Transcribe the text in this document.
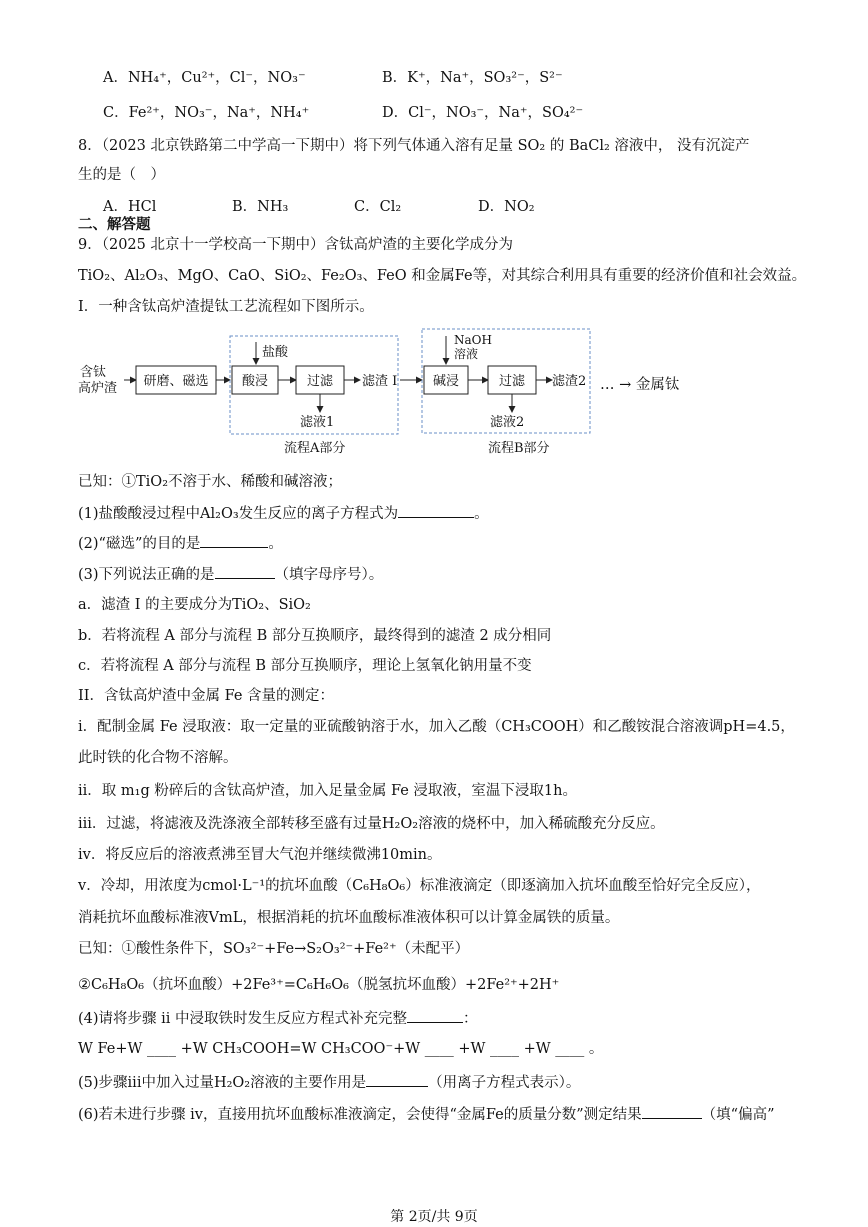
A．NH₄⁺，Cu²⁺，Cl⁻，NO₃⁻	B．K⁺，Na⁺，SO₃²⁻，S²⁻
C．Fe²⁺，NO₃⁻，Na⁺，NH₄⁺	D．Cl⁻，NO₃⁻，Na⁺，SO₄²⁻
8．（2023 北京铁路第二中学高一下期中）将下列气体通入溶有足量 SO₂ 的 BaCl₂ 溶液中， 没有沉淀产
生的是（　）
A．HCl	B．NH₃	C．Cl₂	D．NO₂
二、解答题
9．（2025 北京十一学校高一下期中）含钛高炉渣的主要化学成分为
TiO₂、Al₂O₃、MgO、CaO、SiO₂、Fe₂O₃、FeO 和金属Fe等，对其综合利用具有重要的经济价值和社会效益。
I．一种含钛高炉渣提钛工艺流程如下图所示。
含钛
高炉渣 研磨、磁选
盐酸
酸浸	过滤
滤液1
滤渣 I
流程A部分
NaOH
溶液
碱浸	过滤
滤液2
滤渣2
流程B部分
… → 金属钛
已知：①TiO₂不溶于水、稀酸和碱溶液；
(1)盐酸酸浸过程中Al₂O₃发生反应的离子方程式为	。
(2)“磁选”的目的是	。
(3)下列说法正确的是	（填字母序号）。
a．滤渣 I 的主要成分为TiO₂、SiO₂
b．若将流程 A 部分与流程 B 部分互换顺序，最终得到的滤渣 2 成分相同
c．若将流程 A 部分与流程 B 部分互换顺序，理论上氢氧化钠用量不变
II．含钛高炉渣中金属 Fe 含量的测定：
i．配制金属 Fe 浸取液：取一定量的亚硫酸钠溶于水，加入乙酸（CH₃COOH）和乙酸铵混合溶液调pH=4.5，
此时铁的化合物不溶解。
ii．取 m₁g 粉碎后的含钛高炉渣，加入足量金属 Fe 浸取液，室温下浸取1h。
iii．过滤，将滤液及洗涤液全部转移至盛有过量H₂O₂溶液的烧杯中，加入稀硫酸充分反应。
iv．将反应后的溶液煮沸至冒大气泡并继续微沸10min。
v．冷却，用浓度为cmol·L⁻¹的抗坏血酸（C₆H₈O₆）标准液滴定（即逐滴加入抗坏血酸至恰好完全反应），
消耗抗坏血酸标准液VmL，根据消耗的抗坏血酸标准液体积可以计算金属铁的质量。
已知：①酸性条件下，SO₃²⁻+Fe→S₂O₃²⁻+Fe²⁺（未配平）
②C₆H₈O₆（抗坏血酸）+2Fe³⁺=C₆H₆O₆（脱氢抗坏血酸）+2Fe²⁺+2H⁺
(4)请将步骤 ii 中浸取铁时发生反应方程式补充完整	：
W Fe+W ____ +W CH₃COOH=W CH₃COO⁻+W ____ +W ____ +W ____ 。
(5)步骤iii中加入过量H₂O₂溶液的主要作用是	（用离子方程式表示）。
(6)若未进行步骤 iv，直接用抗坏血酸标准液滴定，会使得“金属Fe的质量分数”测定结果	（填“偏高”
第 2页/共 9页
